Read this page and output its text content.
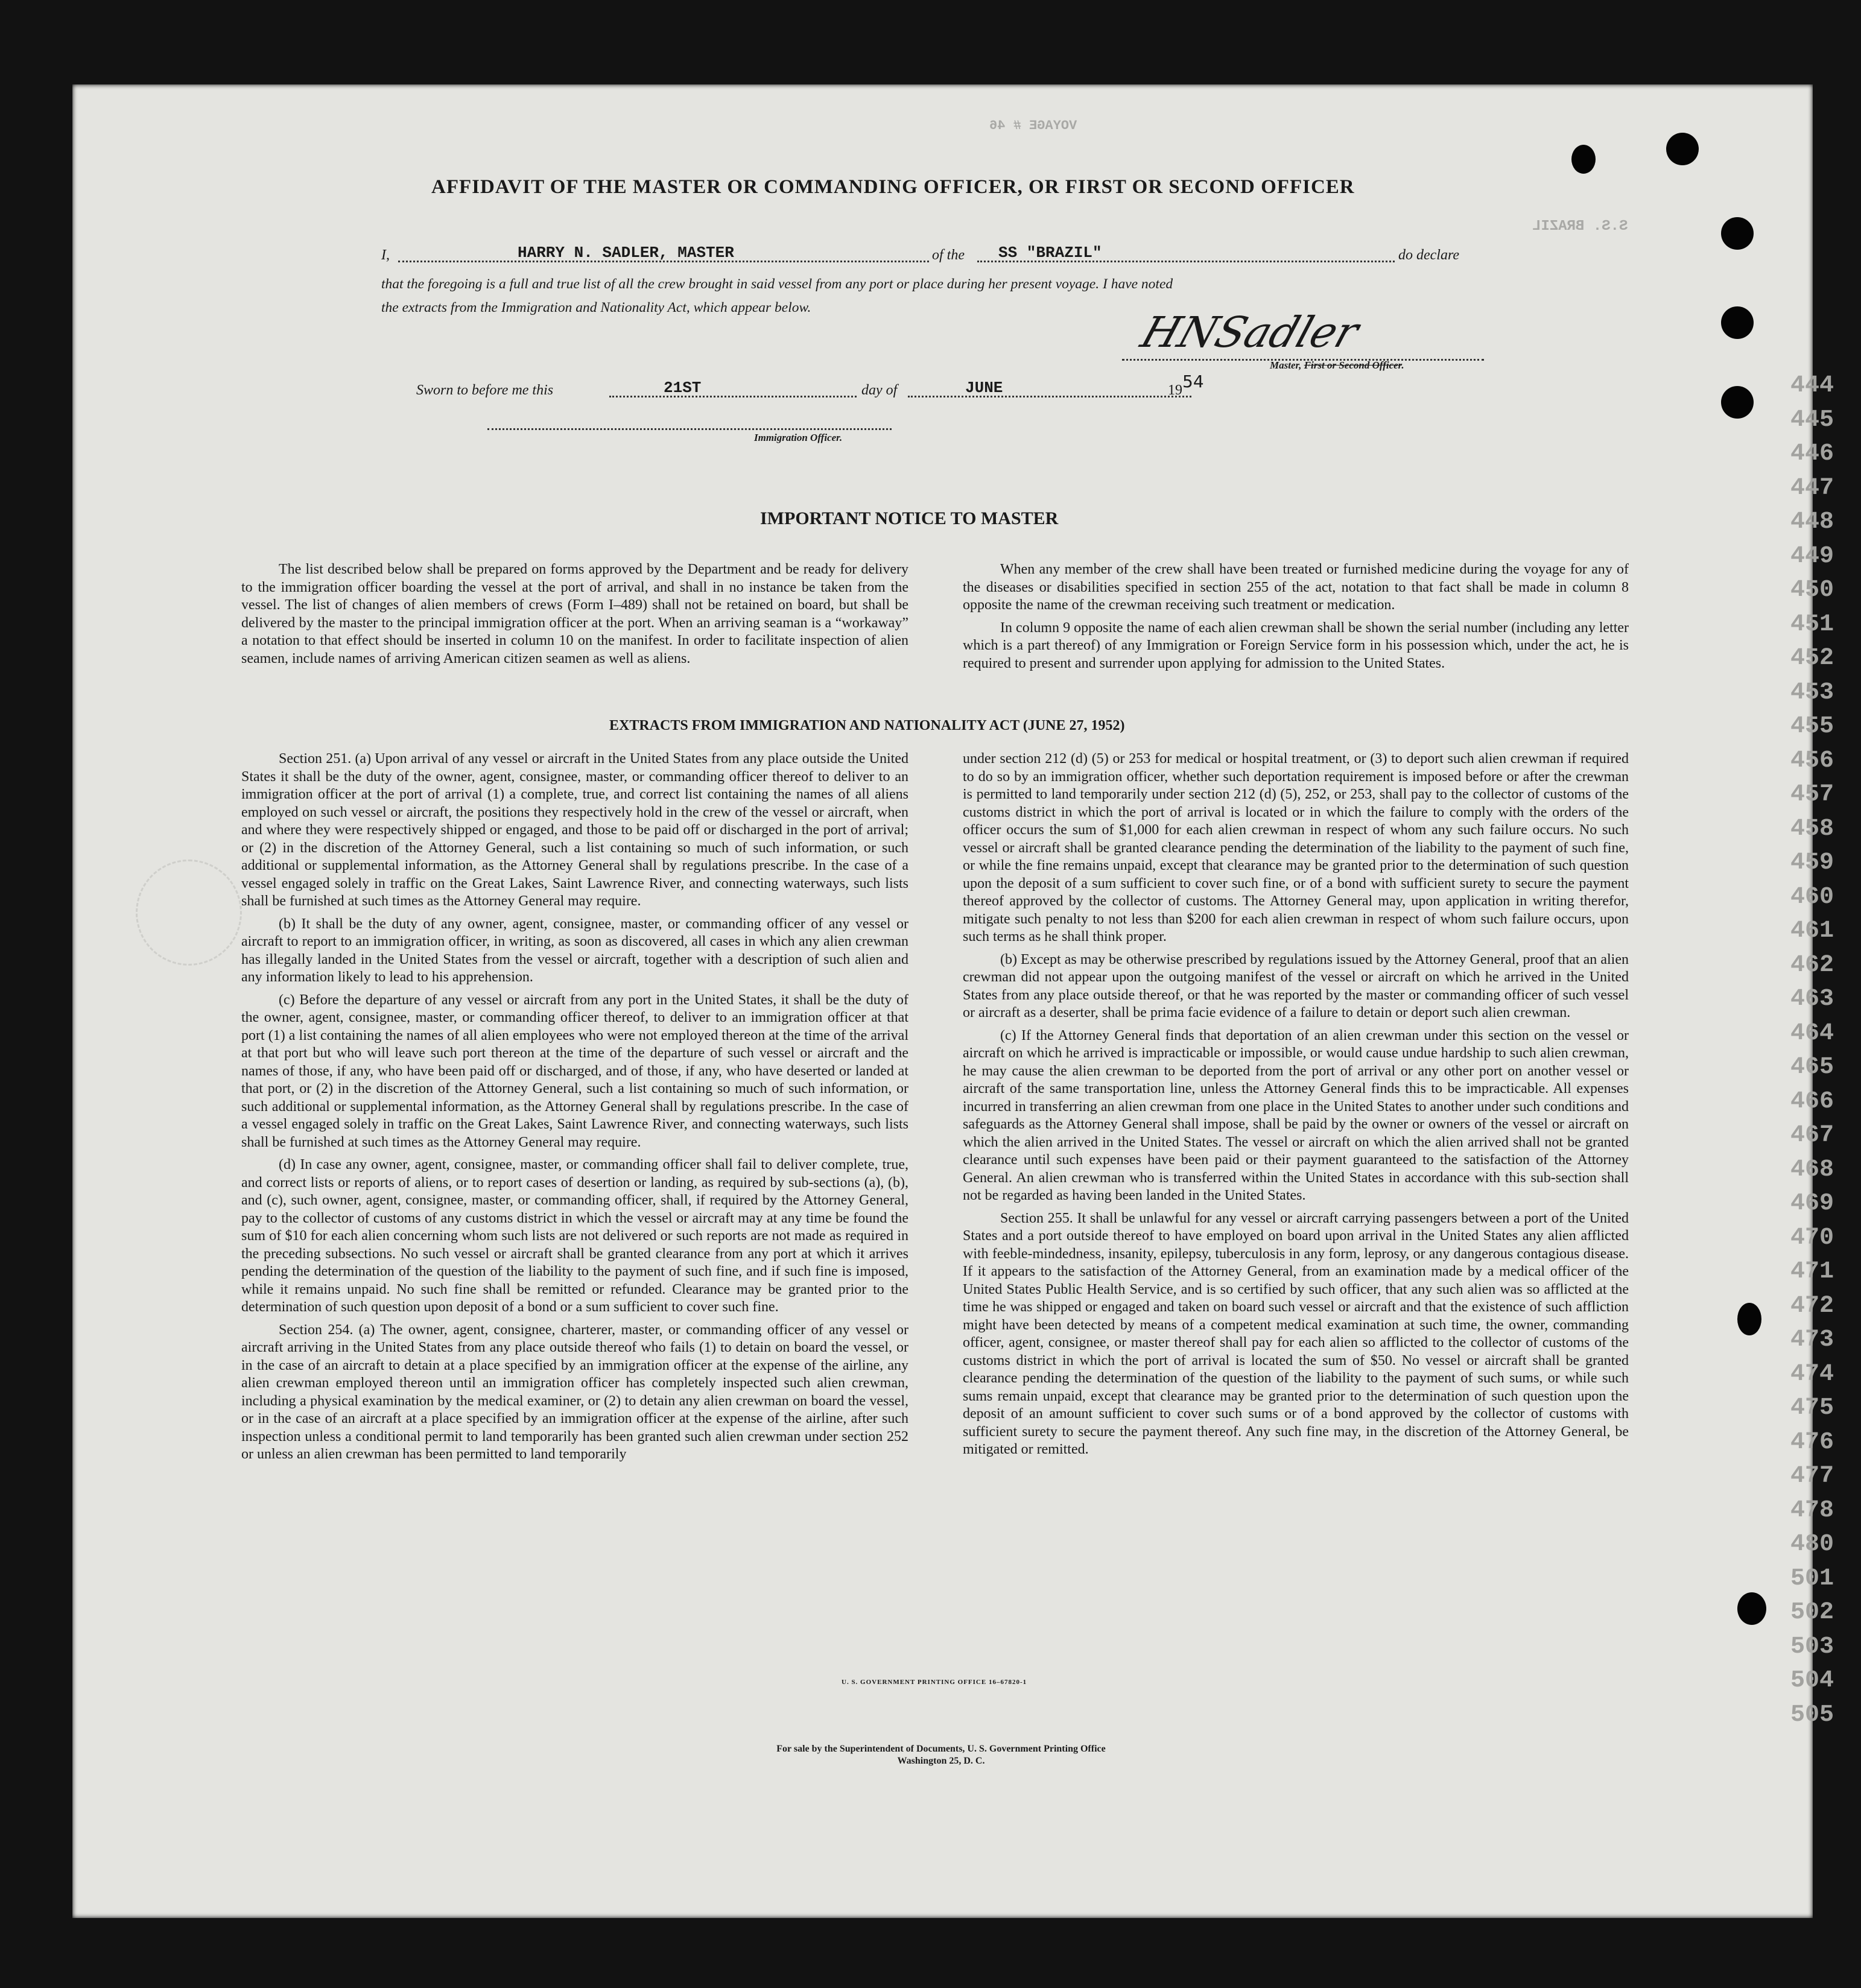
VOYAGE # 46
S.S. BRAZIL
444
445
446
447
448
449
450
451
452
453
455
456
457
458
459
460
461
462
463
464
465
466
467
468
469
470
471
472
473
474
475
476
477
478
480
501
502
503
504
505
AFFIDAVIT OF THE MASTER OR COMMANDING OFFICER, OR FIRST OR SECOND OFFICER
I,	HARRY N. SADLER, MASTER	of the SS "BRAZIL"	do declare
that the foregoing is a full and true list of all the crew brought in said vessel from any port or place during her present voyage. I have noted
the extracts from the Immigration and Nationality Act, which appear below.	HNSadler
Master, First or Second Officer.
Sworn to before me this	21ST	day of	JUNE	1954
Immigration Officer.
IMPORTANT NOTICE TO MASTER

The list described below shall be prepared on forms approved by the Department and be ready for delivery to the immigration officer boarding the vessel at the port of arrival, and shall in no instance be taken from the vessel. The list of changes of alien members of crews (Form I–489) shall not be retained on board, but shall be delivered by the master to the principal immigration officer at the port. When an arriving seaman is a “workaway” a notation to that effect should be inserted in column 10 on the manifest. In order to facilitate inspection of alien seamen, include names of arriving American citizen seamen as well as aliens.

When any member of the crew shall have been treated or furnished medicine during the voyage for any of the diseases or disabilities specified in section 255 of the act, notation to that fact shall be made in column 8 opposite the name of the crewman receiving such treatment or medication.

In column 9 opposite the name of each alien crewman shall be shown the serial number (including any letter which is a part thereof) of any Immigration or Foreign Service form in his possession which, under the act, he is required to present and surrender upon applying for admission to the United States.

EXTRACTS FROM IMMIGRATION AND NATIONALITY ACT (JUNE 27, 1952)

Section 251. (a) Upon arrival of any vessel or aircraft in the United States from any place outside the United States it shall be the duty of the owner, agent, consignee, master, or commanding officer thereof to deliver to an immigration officer at the port of arrival (1) a complete, true, and correct list containing the names of all aliens employed on such vessel or aircraft, the positions they respectively hold in the crew of the vessel or aircraft, when and where they were respectively shipped or engaged, and those to be paid off or discharged in the port of arrival; or (2) in the discretion of the Attorney General, such a list containing so much of such information, or such additional or supplemental information, as the Attorney General shall by regulations prescribe. In the case of a vessel engaged solely in traffic on the Great Lakes, Saint Lawrence River, and connecting waterways, such lists shall be furnished at such times as the Attorney General may require.

(b) It shall be the duty of any owner, agent, consignee, master, or commanding officer of any vessel or aircraft to report to an immigration officer, in writing, as soon as discovered, all cases in which any alien crewman has illegally landed in the United States from the vessel or aircraft, together with a description of such alien and any information likely to lead to his apprehension.

(c) Before the departure of any vessel or aircraft from any port in the United States, it shall be the duty of the owner, agent, consignee, master, or commanding officer thereof, to deliver to an immigration officer at that port (1) a list containing the names of all alien employees who were not employed thereon at the time of the arrival at that port but who will leave such port thereon at the time of the departure of such vessel or aircraft and the names of those, if any, who have been paid off or discharged, and of those, if any, who have deserted or landed at that port, or (2) in the discretion of the Attorney General, such a list containing so much of such information, or such additional or supplemental information, as the Attorney General shall by regulations prescribe. In the case of a vessel engaged solely in traffic on the Great Lakes, Saint Lawrence River, and connecting waterways, such lists shall be furnished at such times as the Attorney General may require.

(d) In case any owner, agent, consignee, master, or commanding officer shall fail to deliver complete, true, and correct lists or reports of aliens, or to report cases of desertion or landing, as required by sub-sections (a), (b), and (c), such owner, agent, consignee, master, or commanding officer, shall, if required by the Attorney General, pay to the collector of customs of any customs district in which the vessel or aircraft may at any time be found the sum of $10 for each alien concerning whom such lists are not delivered or such reports are not made as required in the preceding subsections. No such vessel or aircraft shall be granted clearance from any port at which it arrives pending the determination of the question of the liability to the payment of such fine, and if such fine is imposed, while it remains unpaid. No such fine shall be remitted or refunded. Clearance may be granted prior to the determination of such question upon deposit of a bond or a sum sufficient to cover such fine.

Section 254. (a) The owner, agent, consignee, charterer, master, or commanding officer of any vessel or aircraft arriving in the United States from any place outside thereof who fails (1) to detain on board the vessel, or in the case of an aircraft to detain at a place specified by an immigration officer at the expense of the airline, any alien crewman employed thereon until an immigration officer has completely inspected such alien crewman, including a physical examination by the medical examiner, or (2) to detain any alien crewman on board the vessel, or in the case of an aircraft at a place specified by an immigration officer at the expense of the airline, after such inspection unless a conditional permit to land temporarily has been granted such alien crewman under section 252 or unless an alien crewman has been permitted to land temporarily

under section 212 (d) (5) or 253 for medical or hospital treatment, or (3) to deport such alien crewman if required to do so by an immigration officer, whether such deportation requirement is imposed before or after the crewman is permitted to land temporarily under section 212 (d) (5), 252, or 253, shall pay to the collector of customs of the customs district in which the port of arrival is located or in which the failure to comply with the orders of the officer occurs the sum of $1,000 for each alien crewman in respect of whom any such failure occurs. No such vessel or aircraft shall be granted clearance pending the determination of the liability to the payment of such fine, or while the fine remains unpaid, except that clearance may be granted prior to the determination of such question upon the deposit of a sum sufficient to cover such fine, or of a bond with sufficient surety to secure the payment thereof approved by the collector of customs. The Attorney General may, upon application in writing therefor, mitigate such penalty to not less than $200 for each alien crewman in respect of whom such failure occurs, upon such terms as he shall think proper.

(b) Except as may be otherwise prescribed by regulations issued by the Attorney General, proof that an alien crewman did not appear upon the outgoing manifest of the vessel or aircraft on which he arrived in the United States from any place outside thereof, or that he was reported by the master or commanding officer of such vessel or aircraft as a deserter, shall be prima facie evidence of a failure to detain or deport such alien crewman.

(c) If the Attorney General finds that deportation of an alien crewman under this section on the vessel or aircraft on which he arrived is impracticable or impossible, or would cause undue hardship to such alien crewman, he may cause the alien crewman to be deported from the port of arrival or any other port on another vessel or aircraft of the same transportation line, unless the Attorney General finds this to be impracticable. All expenses incurred in transferring an alien crewman from one place in the United States to another under such conditions and safeguards as the Attorney General shall impose, shall be paid by the owner or owners of the vessel or aircraft on which the alien arrived in the United States. The vessel or aircraft on which the alien arrived shall not be granted clearance until such expenses have been paid or their payment guaranteed to the satisfaction of the Attorney General. An alien crewman who is transferred within the United States in accordance with this sub-section shall not be regarded as having been landed in the United States.

Section 255. It shall be unlawful for any vessel or aircraft carrying passengers between a port of the United States and a port outside thereof to have employed on board upon arrival in the United States any alien afflicted with feeble-mindedness, insanity, epilepsy, tuberculosis in any form, leprosy, or any dangerous contagious disease. If it appears to the satisfaction of the Attorney General, from an examination made by a medical officer of the United States Public Health Service, and is so certified by such officer, that any such alien was so afflicted at the time he was shipped or engaged and taken on board such vessel or aircraft and that the existence of such affliction might have been detected by means of a competent medical examination at such time, the owner, commanding officer, agent, consignee, or master thereof shall pay for each alien so afflicted to the collector of customs of the customs district in which the port of arrival is located the sum of $50. No vessel or aircraft shall be granted clearance pending the determination of the question of the liability to the payment of such sums, or while such sums remain unpaid, except that clearance may be granted prior to the determination of such question upon the deposit of an amount sufficient to cover such sums or of a bond approved by the collector of customs with sufficient surety to secure the payment thereof. Any such fine may, in the discretion of the Attorney General, be mitigated or remitted.

U. S. GOVERNMENT PRINTING OFFICE 16–67820-1
For sale by the Superintendent of Documents, U. S. Government Printing Office
Washington 25, D. C.
